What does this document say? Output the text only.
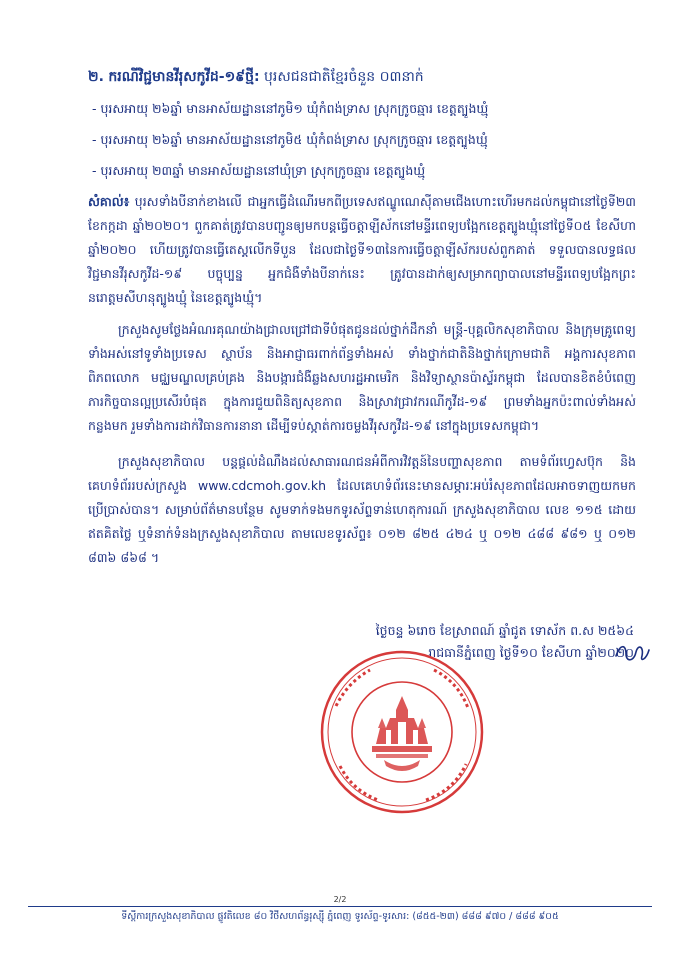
២. ករណីវិជ្ជមានវីរុសកូវីដ-១៩ថ្មី: បុរសជនជាតិខ្មែរចំនួន ០៣នាក់
- បុរសអាយុ ២៦ឆ្នាំ មានអាស័យដ្ឋាននៅភូមិ១ ឃុំកំពង់ទ្រាស ស្រុកក្រូចឆ្មារ ខេត្តត្បូងឃ្មុំ
- បុរសអាយុ ២៦ឆ្នាំ មានអាស័យដ្ឋាននៅភូមិ៥ ឃុំកំពង់ទ្រាស ស្រុកក្រូចឆ្មារ ខេត្តត្បូងឃ្មុំ
- បុរសអាយុ ២៣ឆ្នាំ មានអាស័យដ្ឋាននៅឃុំទ្រា ស្រុកក្រូចឆ្មារ ខេត្តត្បូងឃ្មុំ
សំគាល់៖ បុរសទាំងបីនាក់ខាងលើ ជាអ្នកធ្វើដំណើរមកពីប្រទេសឥណ្ឌូណេស៊ីតាមជើងហោះហើរមកដល់កម្ពុជានៅថ្ងៃទី២៣ ខែកក្កដា ឆ្នាំ២០២០។ ពួកគាត់ត្រូវបានបញ្ជូនឲ្យមកបន្តធ្វើចត្តាឡីស័កនៅមន្ទីរពេទ្យបង្អែកខេត្តត្បូងឃ្មុំនៅថ្ងៃទី០៥ ខែសីហា ឆ្នាំ២០២០ ហើយត្រូវបានធ្វើតេស្តលើកទីបួន ដែលជាថ្ងៃទី១៣នៃការធ្វើចត្តាឡីស័ករបស់ពួកគាត់ ទទួលបានលទ្ធផលវិជ្ជមានវីរុសកូវីដ-១៩ បច្ចុប្បន្ន អ្នកជំងឺទាំងបីនាក់នេះ ត្រូវបានដាក់ឲ្យសម្រាកព្យាបាលនៅមន្ទីរពេទ្យបង្អែកព្រះនរោត្តមសីហនុត្បូងឃ្មុំ នៃខេត្តត្បូងឃ្មុំ។
ក្រសួងសូមថ្លែងអំណរគុណយ៉ាងជ្រាលជ្រៅជាទីបំផុតជូនដល់ថ្នាក់ដឹកនាំ មន្ត្រី-បុគ្គលិកសុខាភិបាល និងក្រុមគ្រូពេទ្យទាំងអស់នៅទូទាំងប្រទេស ស្ថាប័ន និងអាជ្ញាធរពាក់ព័ន្ធទាំងអស់ ទាំងថ្នាក់ជាតិនិងថ្នាក់ក្រោមជាតិ អង្គការសុខភាពពិភពលោក មជ្ឈមណ្ឌលគ្រប់គ្រង និងបង្ការជំងឺឆ្លងសហរដ្ឋអាមេរិក និងវិទ្យាស្ថានប៉ាស្ទ័រកម្ពុជា ដែលបានខិតខំបំពេញភារកិច្ចបានល្អប្រសើរបំផុត ក្នុងការជួយពិនិត្យសុខភាព និងស្រាវជ្រាវករណីកូវីដ-១៩ ព្រមទាំងអ្នកប៉ះពាល់ទាំងអស់កន្លងមក រួមទាំងការដាក់វិធានការនានា ដើម្បីទប់ស្កាត់ការចម្លងវីរុសកូវីដ-១៩ នៅក្នុងប្រទេសកម្ពុជា។
ក្រសួងសុខាភិបាល បន្តផ្តល់ដំណឹងដល់សាធារណជនអំពីការវិវត្តន៍នៃបញ្ហាសុខភាព តាមទំព័រហ្វេសប៊ុក និងគេហទំព័ររបស់ក្រសួង www.cdcmoh.gov.kh ដែលគេហទំព័រនេះមានសម្ភារៈអប់រំសុខភាពដែលអាចទាញយកមកប្រើប្រាស់បាន។ សម្រាប់ព័ត៌មានបន្ថែម សូមទាក់ទងមកទូរស័ព្ទទាន់ហេតុការណ៍ ក្រសួងសុខាភិបាល លេខ ១១៥ ដោយឥតគិតថ្លៃ ឬទំនាក់ទំនងក្រសួងសុខាភិបាល តាមលេខទូរស័ព្ទ៖ ០១២ ៨២៥ ៤២៤ ឬ ០១២ ៤៨៨ ៩៨១ ឬ ០១២ ៨៣៦ ៨៦៨ ។
ថ្ងៃចន្ទ ៦រោច ខែស្រាពណ៍ ឆ្នាំជូត ទោស័ក ព.ស ២៥៦៤
រាជធានីភ្នំពេញ ថ្ងៃទី១០ ខែសីហា ឆ្នាំ២០២០
2/2
ទីស្តីការក្រសួងសុខាភិបាល ផ្លូវតិលេខ ៨០ វិថីសហព័ន្ធរុស្ស៊ី ភ្នំពេញ ទូរស័ព្ទ-ទូរសារ: (៨៥៥-២៣) ៨៨៨ ៩៧០ / ៨៨៨ ៩០៥
